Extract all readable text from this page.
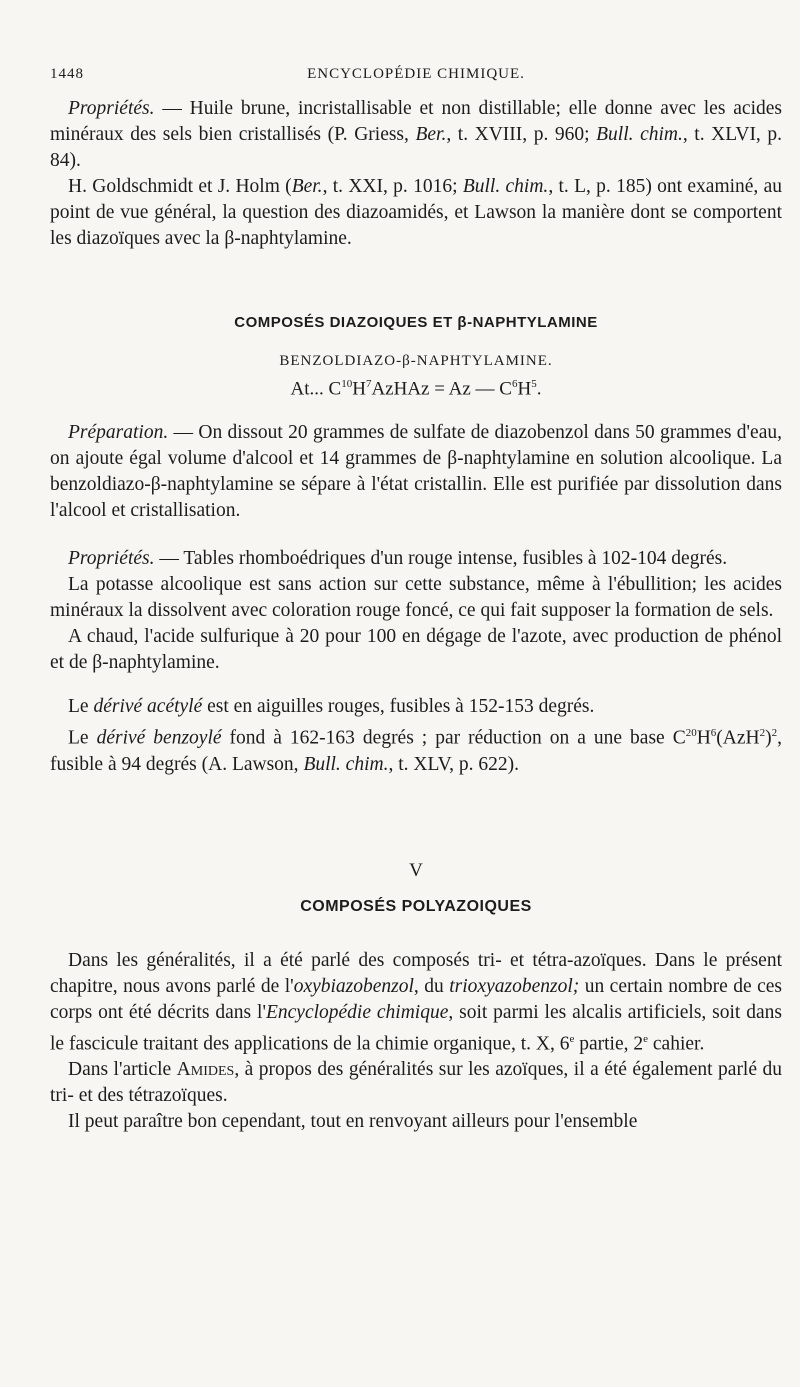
1448	ENCYCLOPÉDIE CHIMIQUE.

Propriétés. — Huile brune, incristallisable et non distillable; elle donne avec les acides minéraux des sels bien cristallisés (P. Griess, Ber., t. XVIII, p. 960; Bull. chim., t. XLVI, p. 84).

H. Goldschmidt et J. Holm (Ber., t. XXI, p. 1016; Bull. chim., t. L, p. 185) ont examiné, au point de vue général, la question des diazoamidés, et Lawson la manière dont se comportent les diazoïques avec la β-naphtylamine.

COMPOSÉS DIAZOIQUES ET β-NAPHTYLAMINE
BENZOLDIAZO-β-NAPHTYLAMINE.
At... $C^{10}H^7AzHAz = Az$ — $C^6H^5$.

Préparation. — On dissout 20 grammes de sulfate de diazobenzol dans 50 grammes d'eau, on ajoute égal volume d'alcool et 14 grammes de β-naphtylamine en solution alcoolique. La benzoldiazo-β-naphtylamine se sépare à l'état cristallin. Elle est purifiée par dissolution dans l'alcool et cristallisation.

Propriétés. — Tables rhomboédriques d'un rouge intense, fusibles à 102-104 degrés.

La potasse alcoolique est sans action sur cette substance, même à l'ébullition; les acides minéraux la dissolvent avec coloration rouge foncé, ce qui fait supposer la formation de sels.

A chaud, l'acide sulfurique à 20 pour 100 en dégage de l'azote, avec production de phénol et de β-naphtylamine.

Le dérivé acétylé est en aiguilles rouges, fusibles à 152-153 degrés.

Le dérivé benzoylé fond à 162-163 degrés ; par réduction on a une base $C^{20}H^6(AzH^2)^2$, fusible à 94 degrés (A. Lawson, Bull. chim., t. XLV, p. 622).

V
COMPOSÉS POLYAZOIQUES

Dans les généralités, il a été parlé des composés tri- et tétra-azoïques. Dans le présent chapitre, nous avons parlé de l'oxybiazobenzol, du trioxyazobenzol; un certain nombre de ces corps ont été décrits dans l'Encyclopédie chimique, soit parmi les alcalis artificiels, soit dans le fascicule traitant des applications de la chimie organique, t. X, 6e partie, 2e cahier.

Dans l'article Amides, à propos des généralités sur les azoïques, il a été également parlé du tri- et des tétrazoïques.

Il peut paraître bon cependant, tout en renvoyant ailleurs pour l'ensemble
